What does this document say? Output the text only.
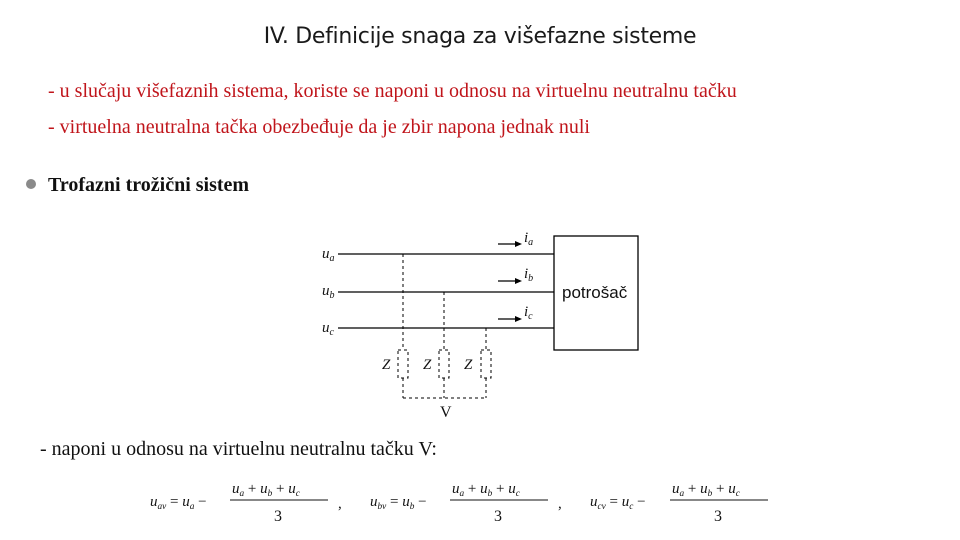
IV. Definicije snaga za višefazne sisteme
- u slučaju višefaznih sistema, koriste se naponi u odnosu na virtuelnu neutralnu tačku
- virtuelna neutralna tačka obezbeđuje da je zbir napona jednak nuli
Trofazni trožični sistem
$u_a$
$u_b$
$u_c$
$i_a$
$i_b$
$i_c$
Z Z Z
V
potrošač
- naponi u odnosu na virtuelnu neutralnu tačku V:
$u_{av} = u_a$ −
$u_a + u_b + u_c$
3
, $u_{bv} = u_b$ −
$u_a + u_b + u_c$
3
, $u_{cv} = u_c$ −
$u_a + u_b + u_c$
3
